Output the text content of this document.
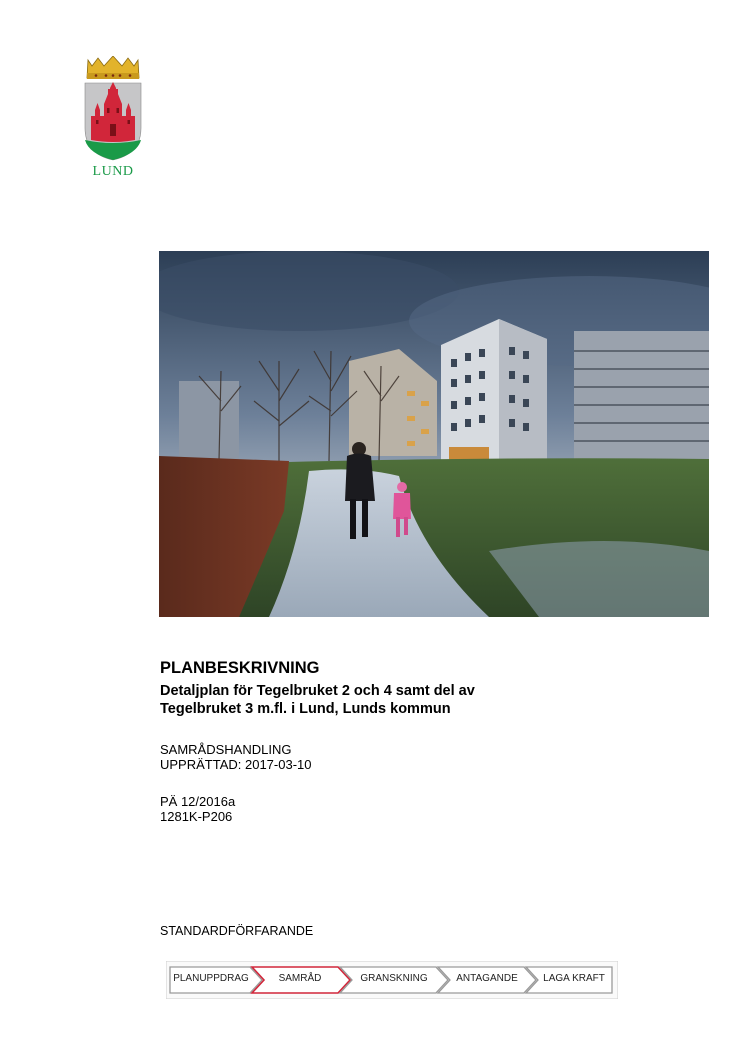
LUND
PLANBESKRIVNING
Detaljplan för Tegelbruket 2 och 4 samt del av
Tegelbruket 3 m.fl. i Lund, Lunds kommun

SAMRÅDSHANDLING

UPPRÄTTAD: 2017-03-10

PÄ 12/2016a

1281K-P206

STANDARDFÖRFARANDE

PLANUPPDRAG	SAMRÅD	GRANSKNING	ANTAGANDE	LAGA KRAFT
